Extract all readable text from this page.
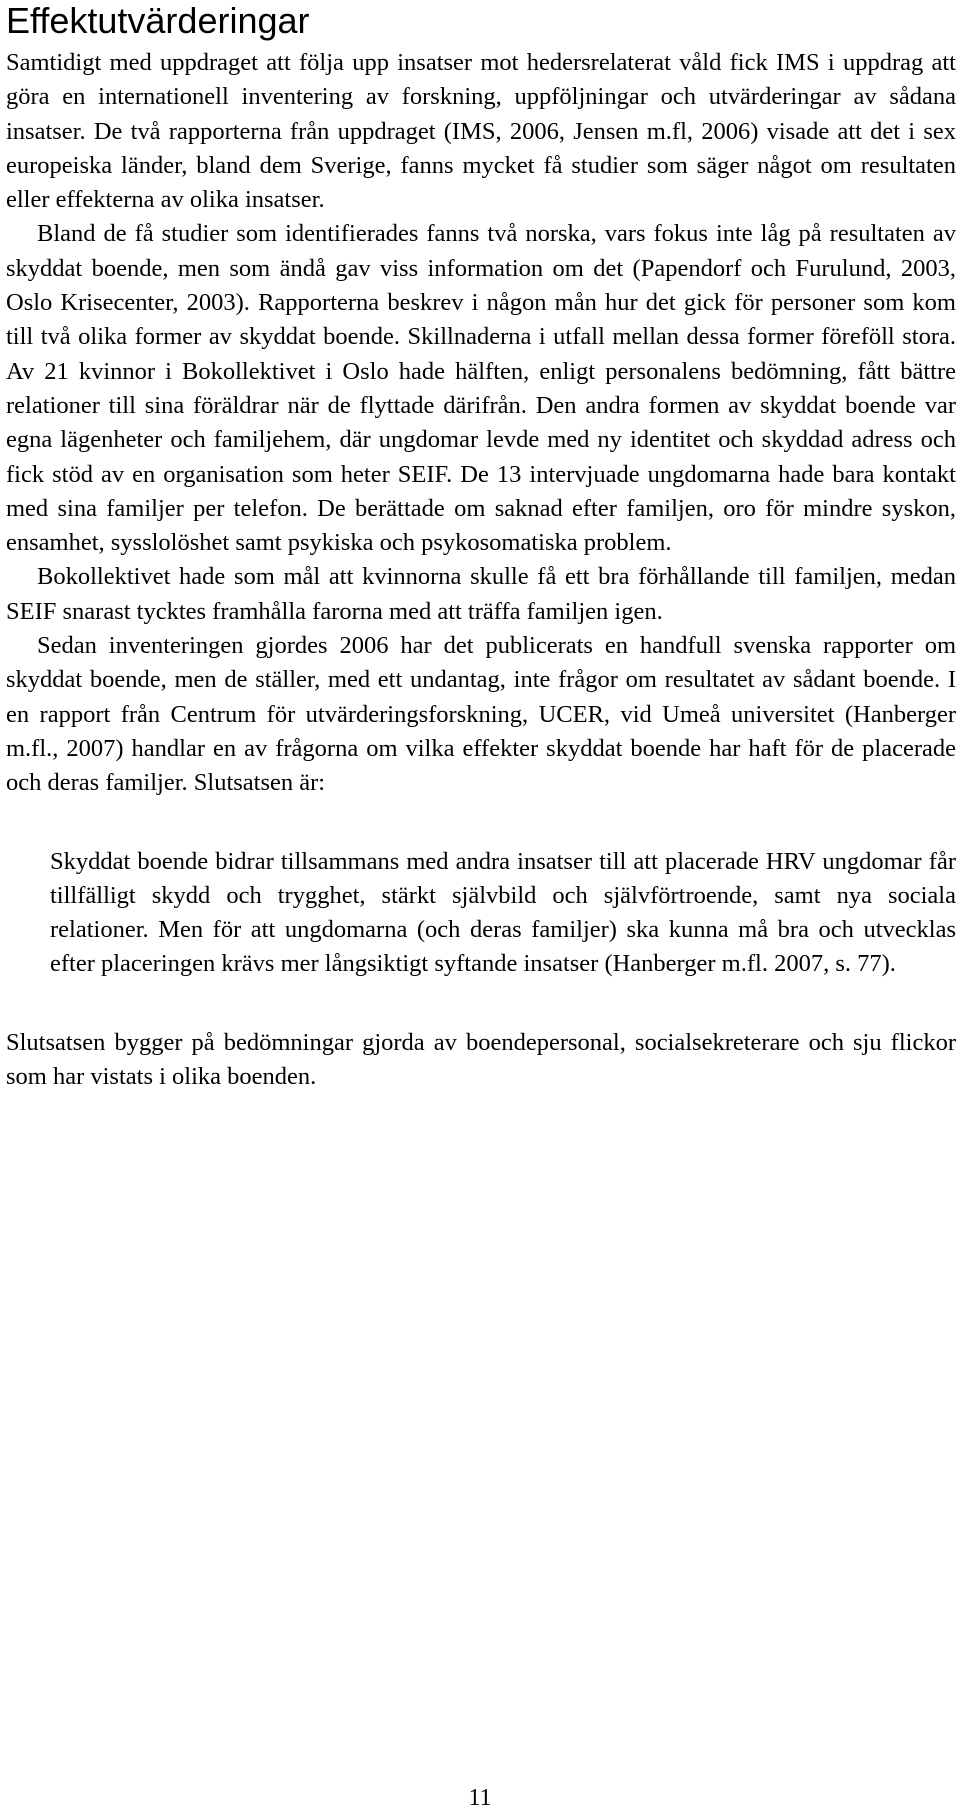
Effektutvärderingar

Samtidigt med uppdraget att följa upp insatser mot hedersrelaterat våld fick IMS i uppdrag att göra en internationell inventering av forskning, uppföljningar och utvärderingar av sådana insatser. De två rapporterna från uppdraget (IMS, 2006, Jensen m.fl, 2006) visade att det i sex europeiska länder, bland dem Sverige, fanns mycket få studier som säger något om resultaten eller effekterna av olika insatser.

Bland de få studier som identifierades fanns två norska, vars fokus inte låg på resultaten av skyddat boende, men som ändå gav viss information om det (Papendorf och Furulund, 2003, Oslo Krisecenter, 2003). Rapporterna beskrev i någon mån hur det gick för personer som kom till två olika former av skyddat boende. Skillnaderna i utfall mellan dessa former föreföll stora. Av 21 kvinnor i Bokollektivet i Oslo hade hälften, enligt personalens bedömning, fått bättre relationer till sina föräldrar när de flyttade därifrån. Den andra formen av skyddat boende var egna lägenheter och familjehem, där ungdomar levde med ny identitet och skyddad adress och fick stöd av en organisation som heter SEIF. De 13 intervjuade ungdomarna hade bara kontakt med sina familjer per telefon. De berättade om saknad efter familjen, oro för mindre syskon, ensamhet, sysslolöshet samt psykiska och psykosomatiska problem.

Bokollektivet hade som mål att kvinnorna skulle få ett bra förhållande till familjen, medan SEIF snarast tycktes framhålla farorna med att träffa familjen igen.

Sedan inventeringen gjordes 2006 har det publicerats en handfull svenska rapporter om skyddat boende, men de ställer, med ett undantag, inte frågor om resultatet av sådant boende. I en rapport från Centrum för utvärderingsforskning, UCER, vid Umeå universitet (Hanberger m.fl., 2007) handlar en av frågorna om vilka effekter skyddat boende har haft för de placerade och deras familjer. Slutsatsen är:

Skyddat boende bidrar tillsammans med andra insatser till att placerade HRV ungdomar får tillfälligt skydd och trygghet, stärkt självbild och självförtroende, samt nya sociala relationer. Men för att ungdomarna (och deras familjer) ska kunna må bra och utvecklas efter placeringen krävs mer långsiktigt syftande insatser (Hanberger m.fl. 2007, s. 77).

Slutsatsen bygger på bedömningar gjorda av boendepersonal, socialsekreterare och sju flickor som har vistats i olika boenden.

11
